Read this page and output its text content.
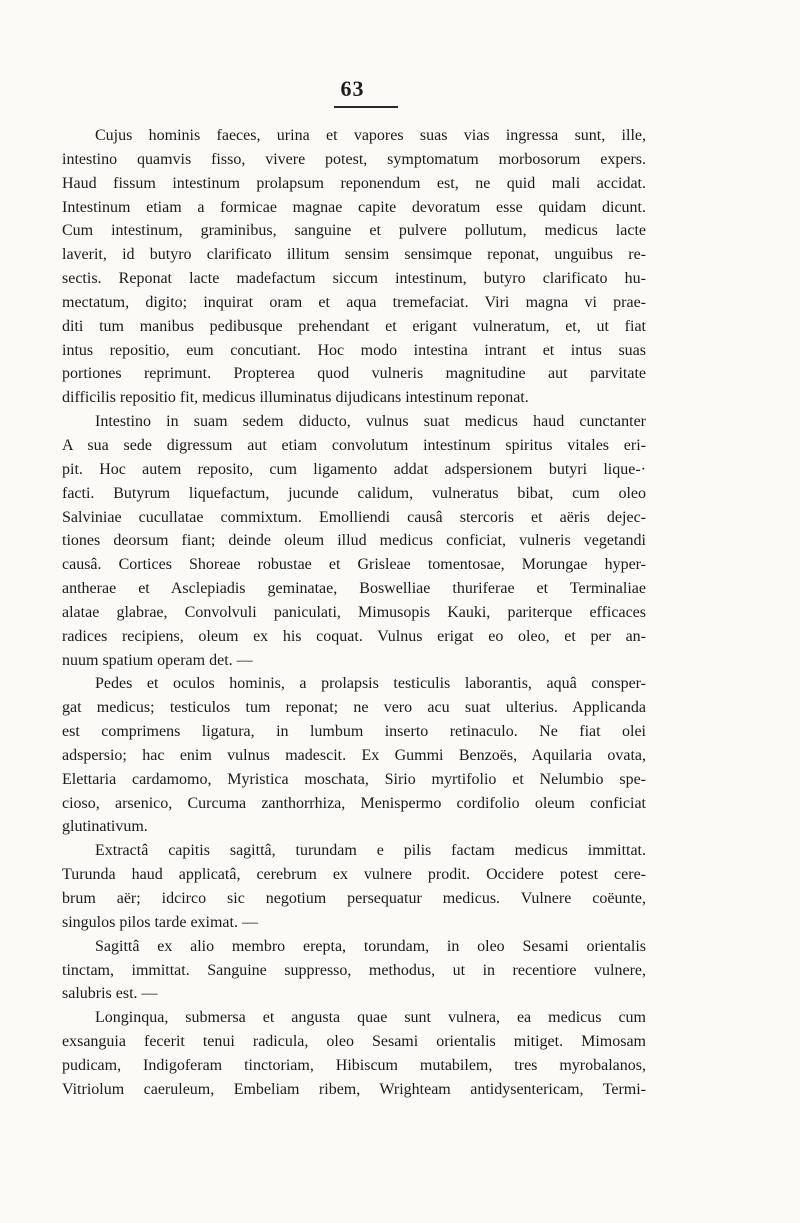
63
Cujus hominis faeces, urina et vapores suas vias ingressa sunt, ille,
intestino quamvis fisso, vivere potest, symptomatum morbosorum expers.
Haud fissum intestinum prolapsum reponendum est, ne quid mali accidat.
Intestinum etiam a formicae magnae capite devoratum esse quidam dicunt.
Cum intestinum, graminibus, sanguine et pulvere pollutum, medicus lacte
laverit, id butyro clarificato illitum sensim sensimque reponat, unguibus re-
sectis. Reponat lacte madefactum siccum intestinum, butyro clarificato hu-
mectatum, digito; inquirat oram et aqua tremefaciat. Viri magna vi prae-
diti tum manibus pedibusque prehendant et erigant vulneratum, et, ut fiat
intus repositio, eum concutiant. Hoc modo intestina intrant et intus suas
portiones reprimunt. Propterea quod vulneris magnitudine aut parvitate
difficilis repositio fit, medicus illuminatus dijudicans intestinum reponat.
Intestino in suam sedem diducto, vulnus suat medicus haud cunctanter
A sua sede digressum aut etiam convolutum intestinum spiritus vitales eri-
pit. Hoc autem reposito, cum ligamento addat adspersionem butyri lique-·
facti. Butyrum liquefactum, jucunde calidum, vulneratus bibat, cum oleo
Salviniae cucullatae commixtum. Emolliendi causâ stercoris et aëris dejec-
tiones deorsum fiant; deinde oleum illud medicus conficiat, vulneris vegetandi
causâ. Cortices Shoreae robustae et Grisleae tomentosae, Morungae hyper-
antherae et Asclepiadis geminatae, Boswelliae thuriferae et Terminaliae
alatae glabrae, Convolvuli paniculati, Mimusopis Kauki, pariterque efficaces
radices recipiens, oleum ex his coquat. Vulnus erigat eo oleo, et per an-
nuum spatium operam det. —
Pedes et oculos hominis, a prolapsis testiculis laborantis, aquâ consper-
gat medicus; testiculos tum reponat; ne vero acu suat ulterius. Applicanda
est comprimens ligatura, in lumbum inserto retinaculo. Ne fiat olei
adspersio; hac enim vulnus madescit. Ex Gummi Benzoës, Aquilaria ovata,
Elettaria cardamomo, Myristica moschata, Sirio myrtifolio et Nelumbio spe-
cioso, arsenico, Curcuma zanthorrhiza, Menispermo cordifolio oleum conficiat
glutinativum.
Extractâ capitis sagittâ, turundam e pilis factam medicus immittat.
Turunda haud applicatâ, cerebrum ex vulnere prodit. Occidere potest cere-
brum aër; idcirco sic negotium persequatur medicus. Vulnere coëunte,
singulos pilos tarde eximat. —
Sagittâ ex alio membro erepta, torundam, in oleo Sesami orientalis
tinctam, immittat. Sanguine suppresso, methodus, ut in recentiore vulnere,
salubris est. —
Longinqua, submersa et angusta quae sunt vulnera, ea medicus cum
exsanguia fecerit tenui radicula, oleo Sesami orientalis mitiget. Mimosam
pudicam, Indigoferam tinctoriam, Hibiscum mutabilem, tres myrobalanos,
Vitriolum caeruleum, Embeliam ribem, Wrighteam antidysentericam, Termi-
